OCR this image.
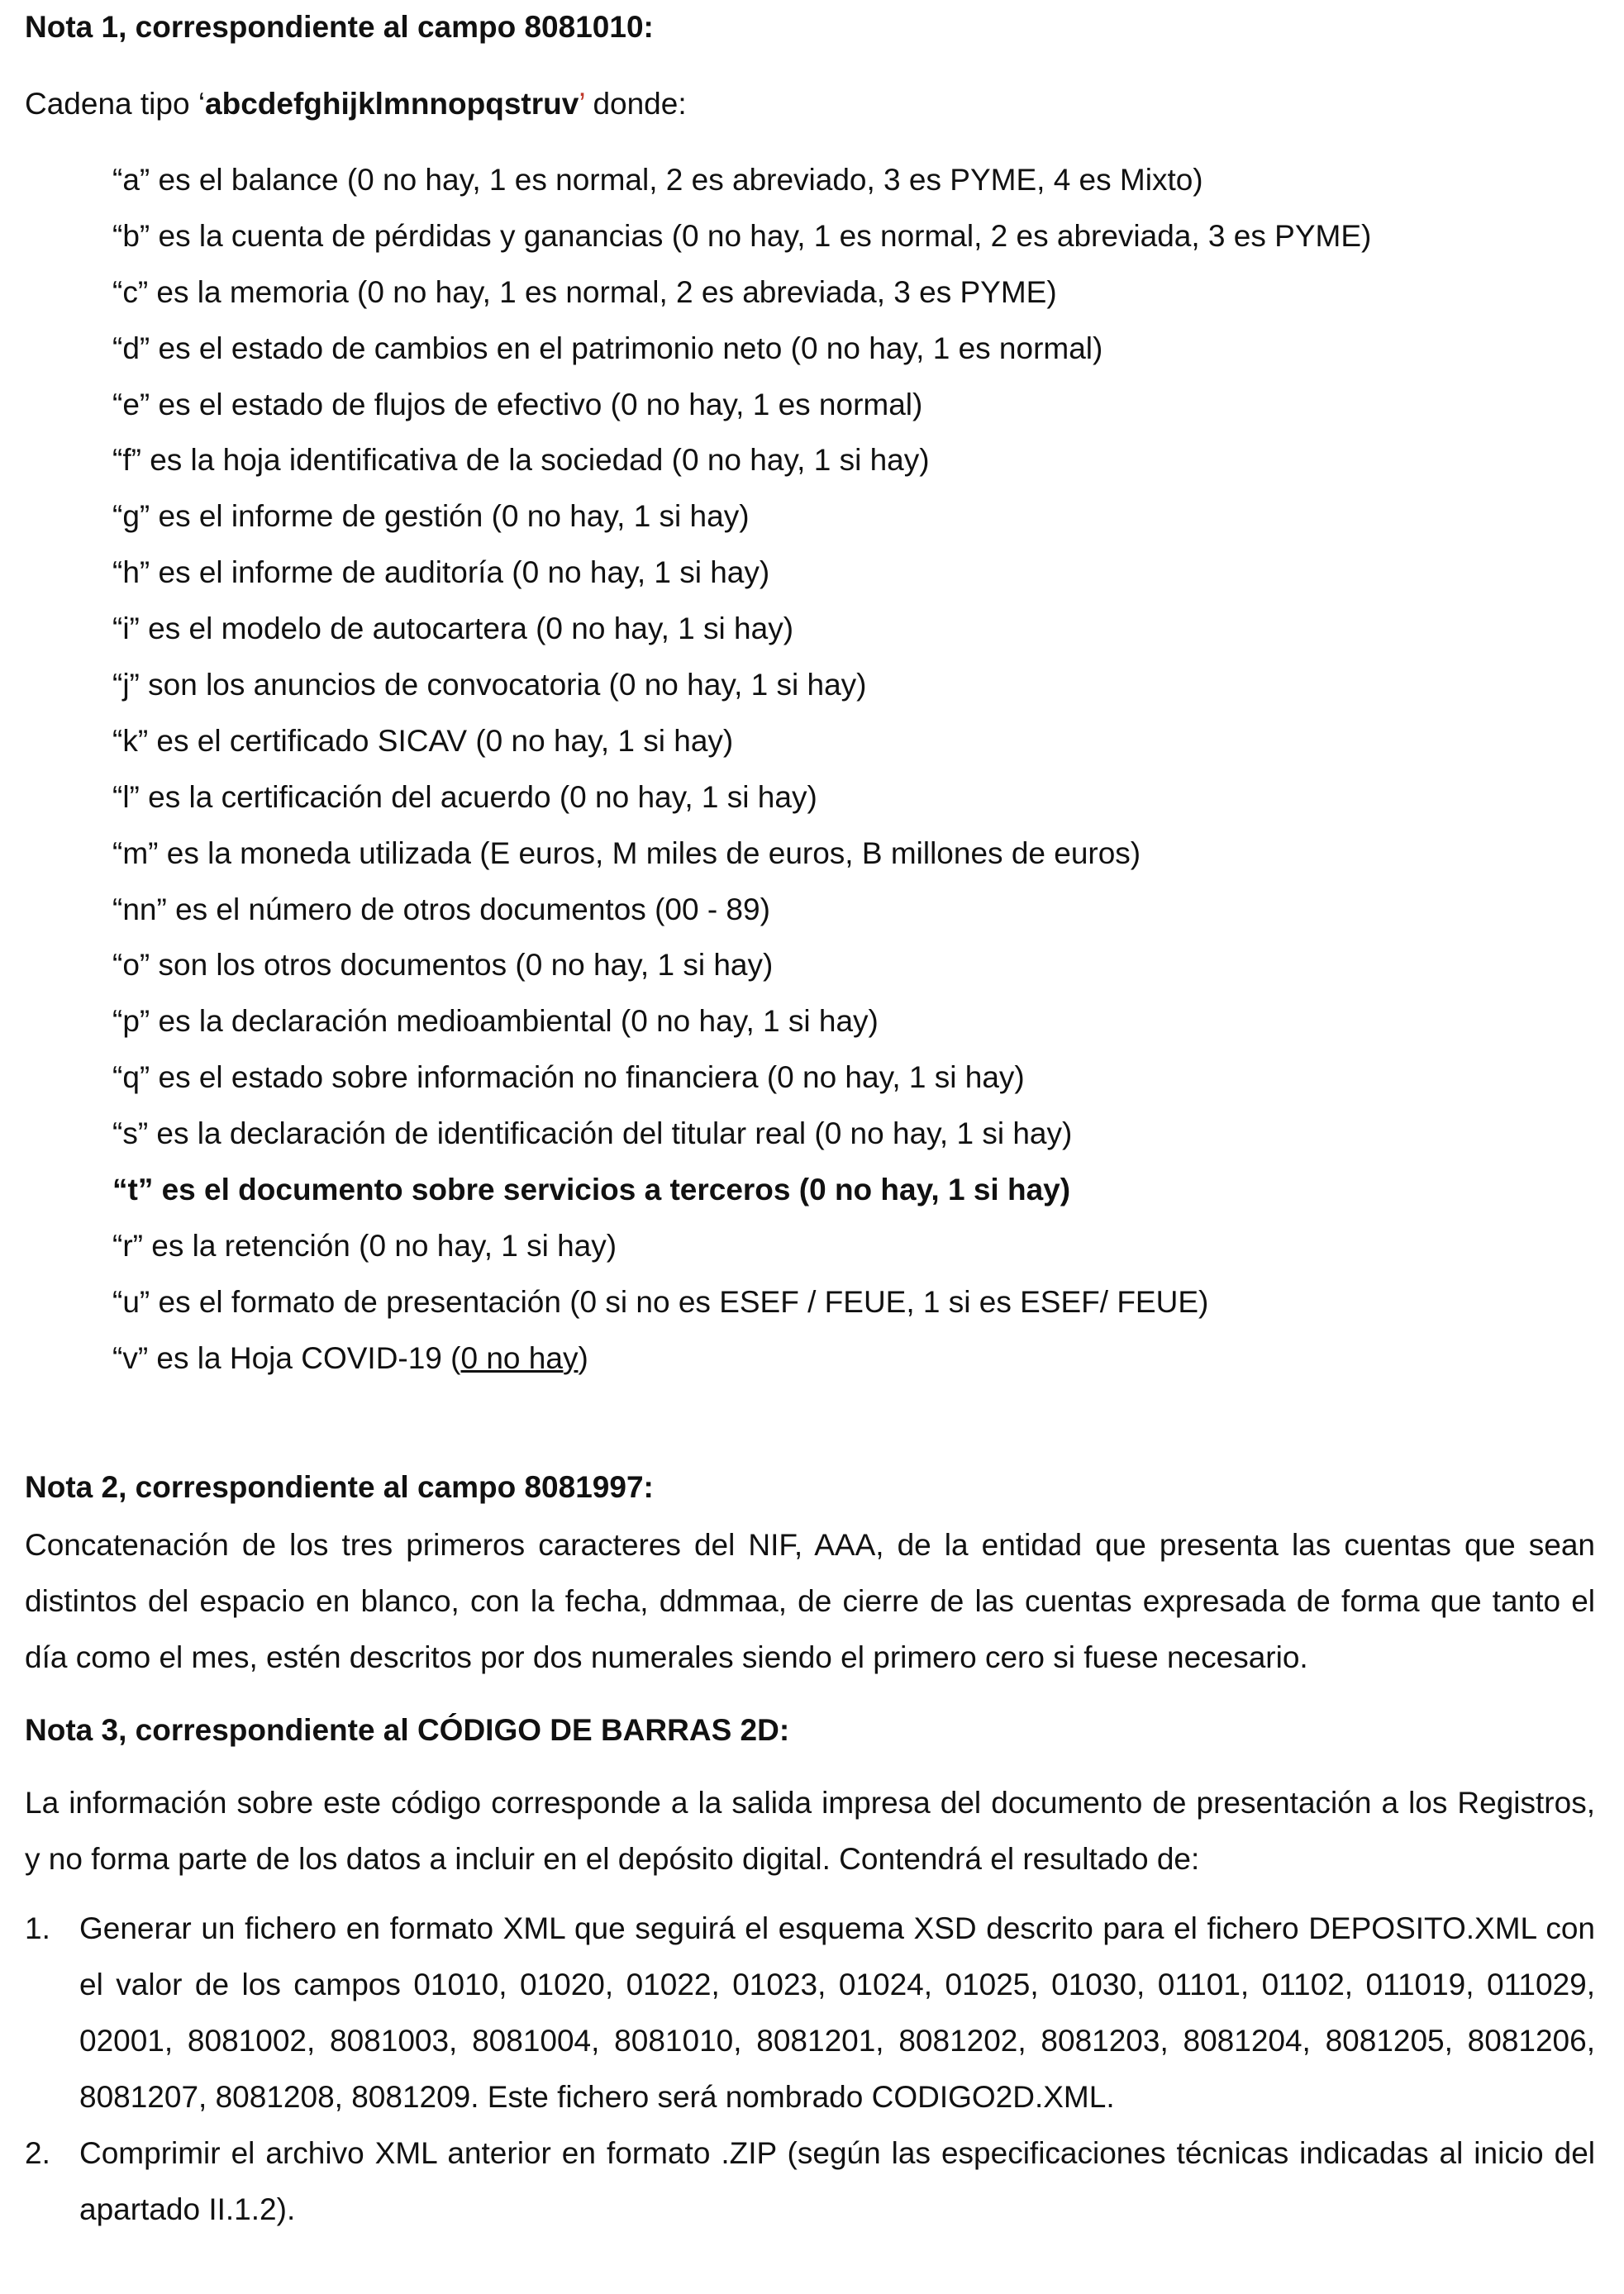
Nota 1, correspondiente al campo 8081010:
Cadena tipo ‘abcdefghijklmnnopqstruv’ donde:
“a” es el balance (0 no hay, 1 es normal, 2 es abreviado, 3 es PYME, 4 es Mixto)
“b” es la cuenta de pérdidas y ganancias (0 no hay, 1 es normal, 2 es abreviada, 3 es PYME)
“c” es la memoria (0 no hay, 1 es normal, 2 es abreviada, 3 es PYME)
“d” es el estado de cambios en el patrimonio neto (0 no hay, 1 es normal)
“e” es el estado de flujos de efectivo (0 no hay, 1 es normal)
“f” es la hoja identificativa de la sociedad (0 no hay, 1 si hay)
“g” es el informe de gestión (0 no hay, 1 si hay)
“h” es el informe de auditoría (0 no hay, 1 si hay)
“i” es el modelo de autocartera (0 no hay, 1 si hay)
“j” son los anuncios de convocatoria (0 no hay, 1 si hay)
“k” es el certificado SICAV (0 no hay, 1 si hay)
“l” es la certificación del acuerdo (0 no hay, 1 si hay)
“m” es la moneda utilizada (E euros, M miles de euros, B millones de euros)
“nn” es el número de otros documentos (00 - 89)
“o” son los otros documentos (0 no hay, 1 si hay)
“p” es la declaración medioambiental (0 no hay, 1 si hay)
“q” es el estado sobre información no financiera (0 no hay, 1 si hay)
“s” es la declaración de identificación del titular real (0 no hay, 1 si hay)
“t” es el documento sobre servicios a terceros (0 no hay, 1 si hay)
“r” es la retención (0 no hay, 1 si hay)
“u” es el formato de presentación (0 si no es ESEF / FEUE, 1 si es ESEF/ FEUE)
“v” es la Hoja COVID-19 (0 no hay)
Nota 2, correspondiente al campo 8081997:

Concatenación de los tres primeros caracteres del NIF, AAA, de la entidad que presenta las cuentas que sean distintos del espacio en blanco, con la fecha, ddmmaa, de cierre de las cuentas expresada de forma que tanto el día como el mes, estén descritos por dos numerales siendo el primero cero si fuese necesario.

Nota 3, correspondiente al CÓDIGO DE BARRAS 2D:

La información sobre este código corresponde a la salida impresa del documento de presentación a los Registros, y no forma parte de los datos a incluir en el depósito digital. Contendrá el resultado de:

1. Generar un fichero en formato XML que seguirá el esquema XSD descrito para el fichero DEPOSITO.XML con el valor de los campos 01010, 01020, 01022, 01023, 01024, 01025, 01030, 01101, 01102, 011019, 011029, 02001, 8081002, 8081003, 8081004, 8081010, 8081201, 8081202, 8081203, 8081204, 8081205, 8081206, 8081207, 8081208, 8081209. Este fichero será nombrado CODIGO2D.XML.
2. Comprimir el archivo XML anterior en formato .ZIP (según las especificaciones técnicas indicadas al inicio del apartado II.1.2).
